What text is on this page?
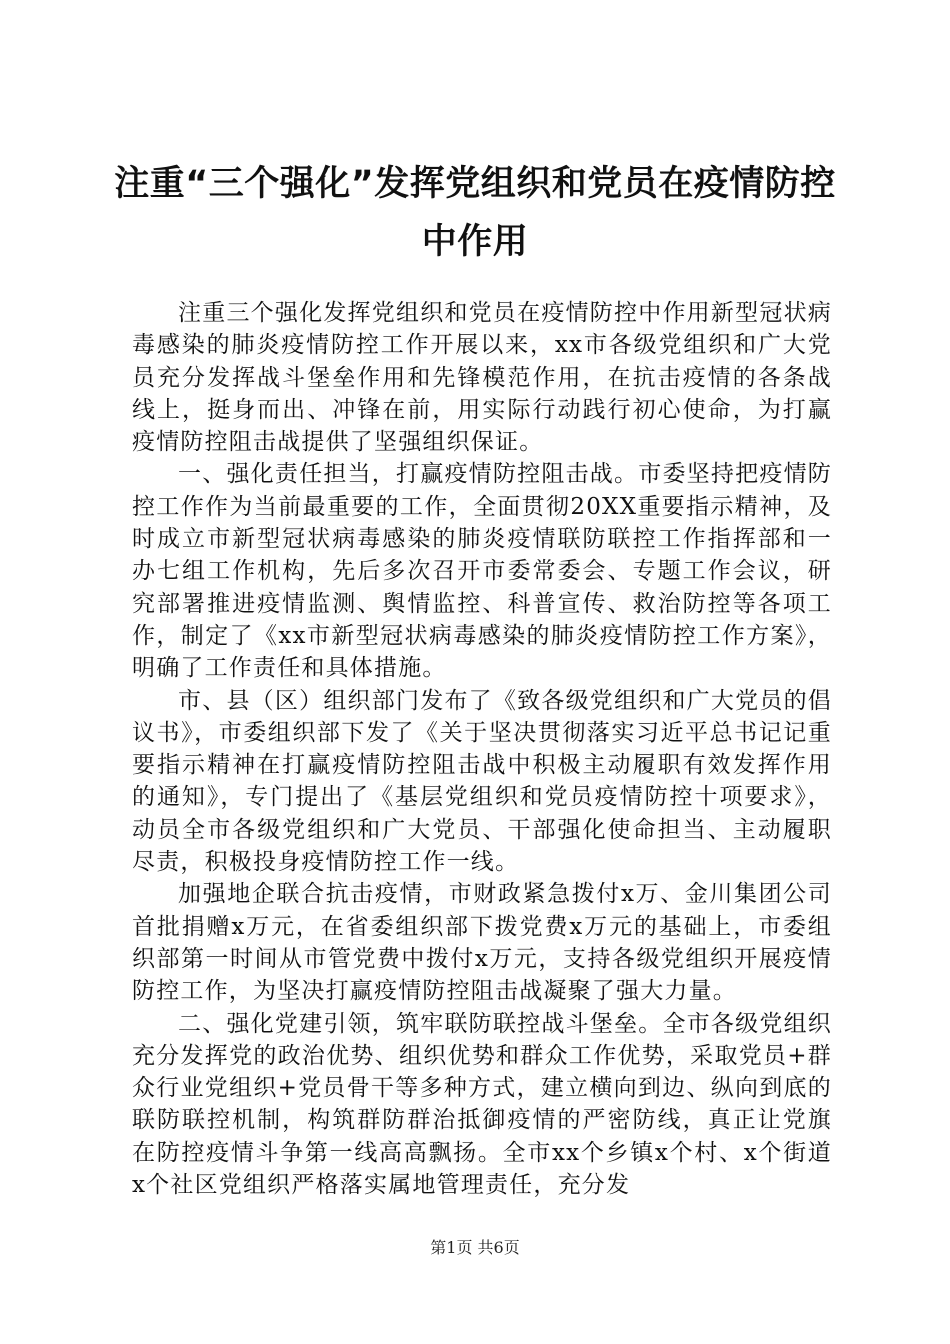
注重“三个强化”发挥党组织和党员在疫情防控中作用

注重三个强化发挥党组织和党员在疫情防控中作用新型冠状病毒感染的肺炎疫情防控工作开展以来，xx市各级党组织和广大党员充分发挥战斗堡垒作用和先锋模范作用，在抗击疫情的各条战线上，挺身而出、冲锋在前，用实际行动践行初心使命，为打赢疫情防控阻击战提供了坚强组织保证。

一、强化责任担当，打赢疫情防控阻击战。市委坚持把疫情防控工作作为当前最重要的工作，全面贯彻20XX重要指示精神，及时成立市新型冠状病毒感染的肺炎疫情联防联控工作指挥部和一办七组工作机构，先后多次召开市委常委会、专题工作会议，研究部署推进疫情监测、舆情监控、科普宣传、救治防控等各项工作，制定了《xx市新型冠状病毒感染的肺炎疫情防控工作方案》，明确了工作责任和具体措施。

市、县（区）组织部门发布了《致各级党组织和广大党员的倡议书》，市委组织部下发了《关于坚决贯彻落实习近平总书记记重要指示精神在打赢疫情防控阻击战中积极主动履职有效发挥作用的通知》，专门提出了《基层党组织和党员疫情防控十项要求》，动员全市各级党组织和广大党员、干部强化使命担当、主动履职尽责，积极投身疫情防控工作一线。

加强地企联合抗击疫情，市财政紧急拨付x万、金川集团公司首批捐赠x万元，在省委组织部下拨党费x万元的基础上，市委组织部第一时间从市管党费中拨付x万元，支持各级党组织开展疫情防控工作，为坚决打赢疫情防控阻击战凝聚了强大力量。

二、强化党建引领，筑牢联防联控战斗堡垒。全市各级党组织充分发挥党的政治优势、组织优势和群众工作优势，采取党员+群众行业党组织+党员骨干等多种方式，建立横向到边、纵向到底的联防联控机制，构筑群防群治抵御疫情的严密防线，真正让党旗在防控疫情斗争第一线高高飘扬。全市xx个乡镇x个村、x个街道x个社区党组织严格落实属地管理责任，充分发

第1页 共6页
